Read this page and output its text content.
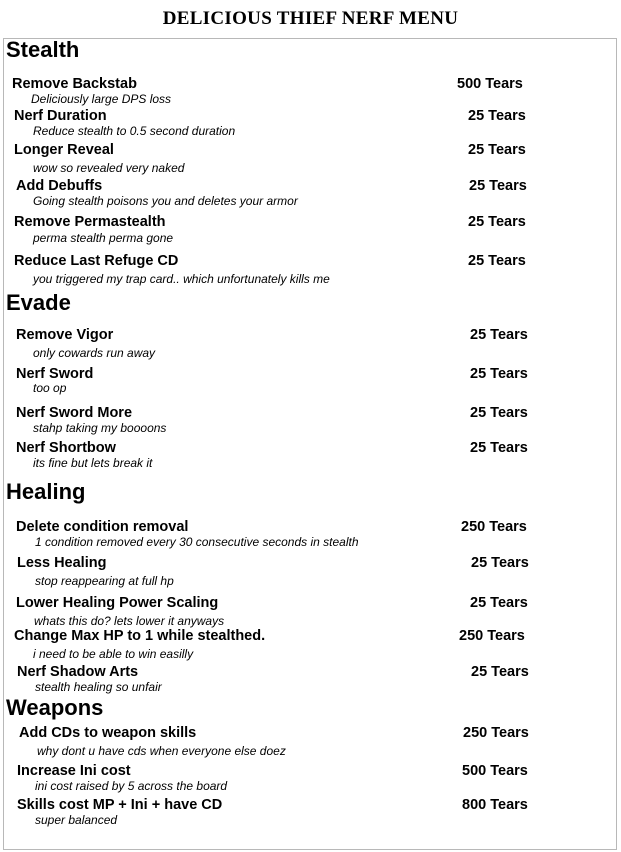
DELICIOUS THIEF NERF MENU
Stealth
Remove Backstab	500 Tears
Deliciously large DPS loss
Nerf Duration	25 Tears
Reduce stealth to 0.5 second duration
Longer Reveal	25 Tears
wow so revealed very naked
Add Debuffs	25 Tears
Going stealth poisons you and deletes your armor
Remove Permastealth	25 Tears
perma stealth perma gone
Reduce Last Refuge CD	25 Tears
you triggered my trap card.. which unfortunately kills me
Evade
Remove Vigor	25 Tears
only cowards run away
Nerf Sword	25 Tears
too op
Nerf Sword More	25 Tears
stahp taking my boooons
Nerf Shortbow	25 Tears
its fine but lets break it
Healing
Delete condition removal	250 Tears
1 condition removed every 30 consecutive seconds in stealth
Less Healing	25 Tears
stop reappearing at full hp
Lower Healing Power Scaling	25 Tears
whats this do? lets lower it anyways
Change Max HP to 1 while stealthed.	250 Tears
i need to be able to win easilly
Nerf Shadow Arts	25 Tears
stealth healing so unfair
Weapons
Add CDs to weapon skills	250 Tears
why dont u have cds when everyone else doez
Increase Ini cost	500 Tears
ini cost raised by 5 across the board
Skills cost MP + Ini + have CD	800 Tears
super balanced
